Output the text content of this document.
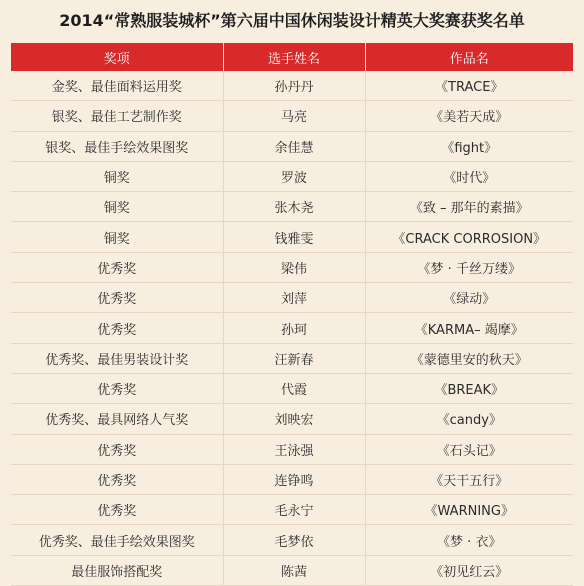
2014“常熟服装城杯”第六届中国休闲装设计精英大奖赛获奖名单
奖项	选手姓名	作品名
金奖、最佳面料运用奖	孙丹丹	《TRACE》
银奖、最佳工艺制作奖	马亮	《美若天成》
银奖、最佳手绘效果图奖	余佳慧	《fight》
铜奖	罗波	《时代》
铜奖	张木尧	《致 – 那年的素描》
铜奖	钱雅雯	《CRACK CORROSION》
优秀奖	梁伟	《梦 · 千丝万缕》
优秀奖	刘萍	《绿动》
优秀奖	孙珂	《KARMA– 竭摩》
优秀奖、最佳男装设计奖	汪新春	《蒙德里安的秋天》
优秀奖	代霞	《BREAK》
优秀奖、最具网络人气奖	刘映宏	《candy》
优秀奖	王泳强	《石头记》
优秀奖	连铮鸣	《天干五行》
优秀奖	毛永宁	《WARNING》
优秀奖、最佳手绘效果图奖	毛梦依	《梦 · 衣》
最佳服饰搭配奖	陈茜	《初见红云》
